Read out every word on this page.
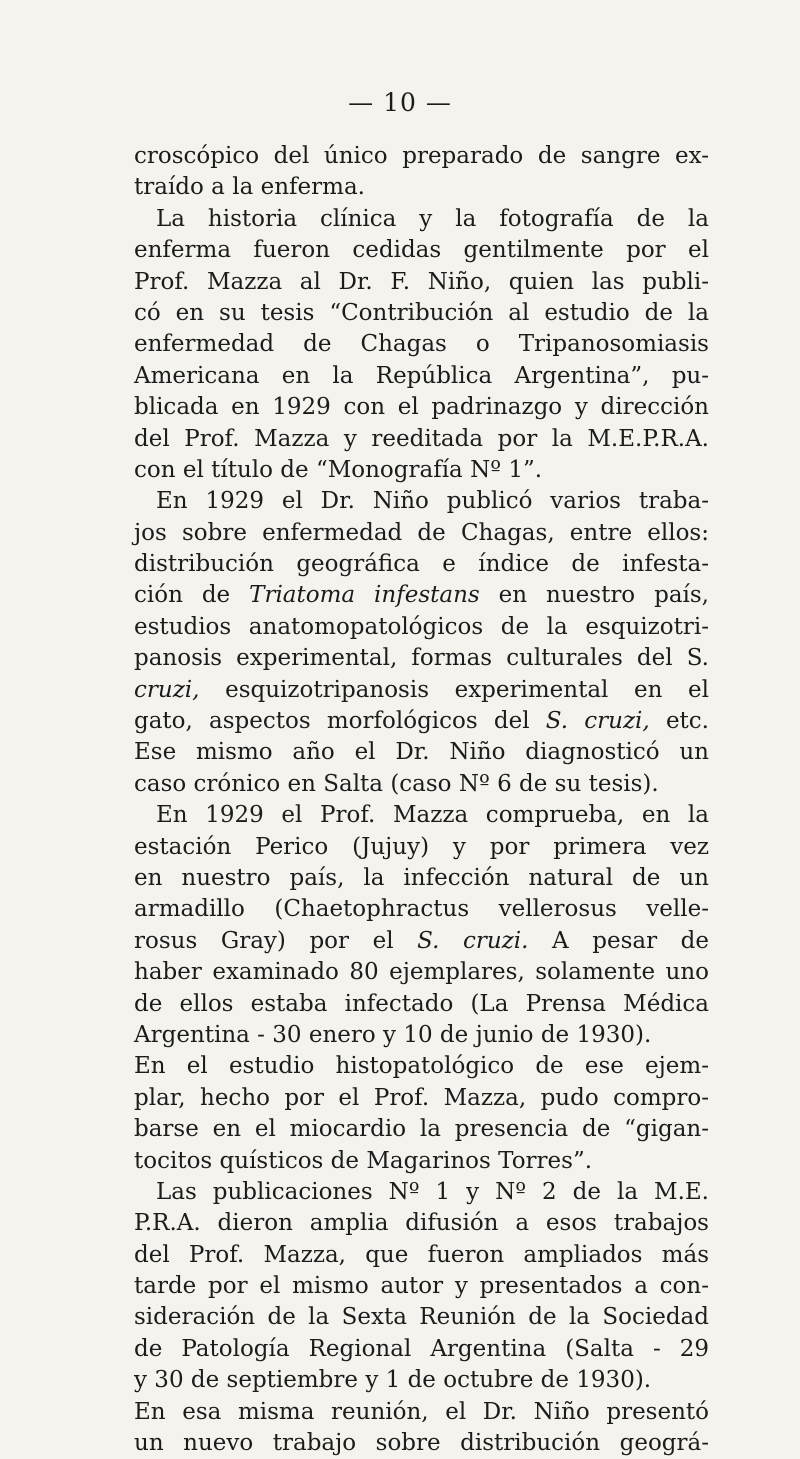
— 10 —
croscópico del único preparado de sangre ex-
traído a la enferma.
La historia clínica y la fotografía de la
enferma fueron cedidas gentilmente por el
Prof. Mazza al Dr. F. Niño, quien las publi-
có en su tesis “Contribución al estudio de la
enfermedad de Chagas o Tripanosomiasis
Americana en la República Argentina”, pu-
blicada en 1929 con el padrinazgo y dirección
del Prof. Mazza y reeditada por la M.E.P.R.A.
con el título de “Monografía Nº 1”.
En 1929 el Dr. Niño publicó varios traba-
jos sobre enfermedad de Chagas, entre ellos:
distribución geográfica e índice de infesta-
ción de Triatoma infestans en nuestro país,
estudios anatomopatológicos de la esquizotri-
panosis experimental, formas culturales del S.
cruzi, esquizotripanosis experimental en el
gato, aspectos morfológicos del S. cruzi, etc.
Ese mismo año el Dr. Niño diagnosticó un
caso crónico en Salta (caso Nº 6 de su tesis).
En 1929 el Prof. Mazza comprueba, en la
estación Perico (Jujuy) y por primera vez
en nuestro país, la infección natural de un
armadillo (Chaetophractus vellerosus velle-
rosus Gray) por el S. cruzi. A pesar de
haber examinado 80 ejemplares, solamente uno
de ellos estaba infectado (La Prensa Médica
Argentina - 30 enero y 10 de junio de 1930).
En el estudio histopatológico de ese ejem-
plar, hecho por el Prof. Mazza, pudo compro-
barse en el miocardio la presencia de “gigan-
tocitos quísticos de Magarinos Torres”.
Las publicaciones Nº 1 y Nº 2 de la M.E.
P.R.A. dieron amplia difusión a esos trabajos
del Prof. Mazza, que fueron ampliados más
tarde por el mismo autor y presentados a con-
sideración de la Sexta Reunión de la Sociedad
de Patología Regional Argentina (Salta - 29
y 30 de septiembre y 1 de octubre de 1930).
En esa misma reunión, el Dr. Niño presentó
un nuevo trabajo sobre distribución geográ-
